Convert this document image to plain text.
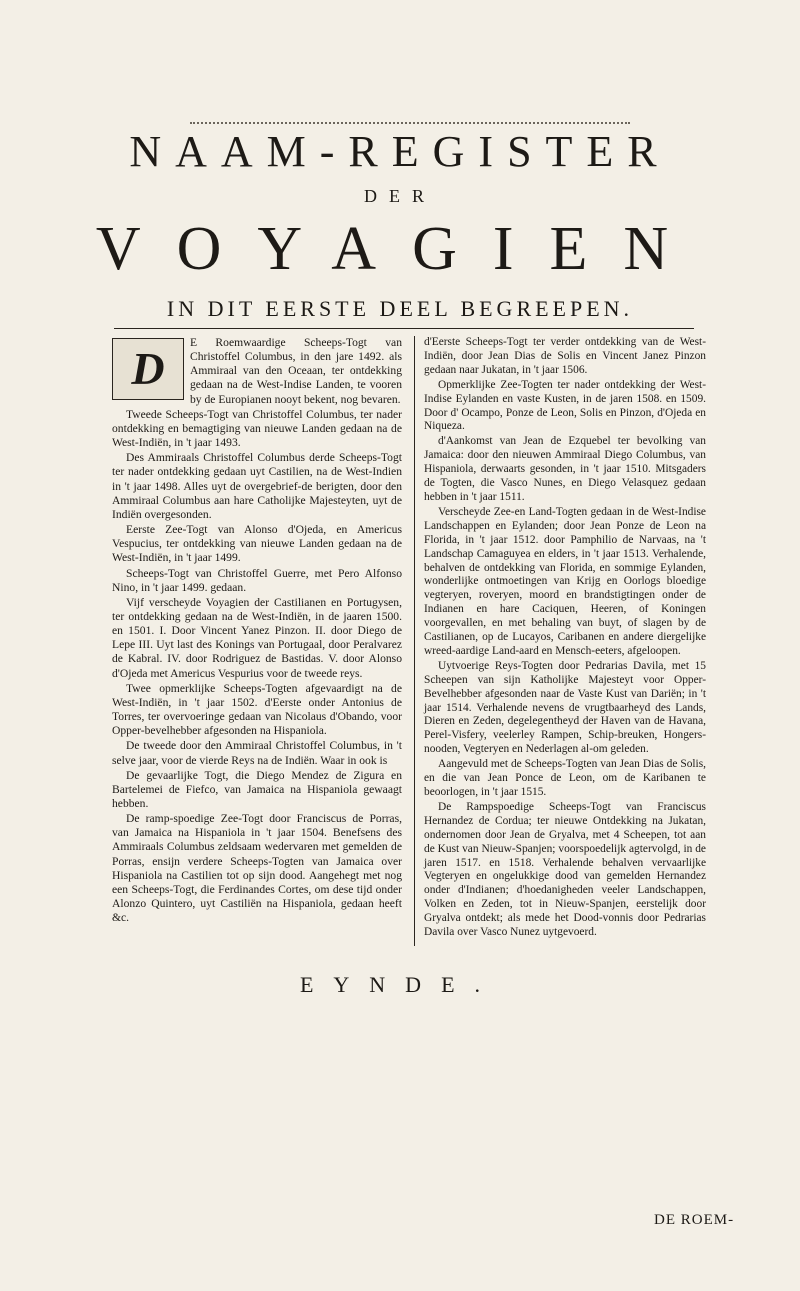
NAAM-REGISTER
DER
VOYAGIEN
IN DIT EERSTE DEEL BEGREEPEN.
D

E Roemwaardige Scheeps-Togt van Christoffel Columbus, in den jare 1492. als Ammiraal van den Oceaan, ter ontdekking gedaan na de West-Indise Landen, te vooren by de Europianen nooyt bekent, nog bevaren.

Tweede Scheeps-Togt van Christoffel Columbus, ter nader ontdekking en bemagtiging van nieuwe Landen gedaan na de West-Indiën, in 't jaar 1493.

Des Ammiraals Christoffel Columbus derde Scheeps-Togt ter nader ontdekking gedaan uyt Castilien, na de West-Indien in 't jaar 1498. Alles uyt de overgebrief-de berigten, door den Ammiraal Columbus aan hare Catholijke Majesteyten, uyt de Indiën overgesonden.

Eerste Zee-Togt van Alonso d'Ojeda, en Americus Vespucius, ter ontdekking van nieuwe Landen gedaan na de West-Indiën, in 't jaar 1499.

Scheeps-Togt van Christoffel Guerre, met Pero Alfonso Nino, in 't jaar 1499. gedaan.

Vijf verscheyde Voyagien der Castilianen en Portugysen, ter ontdekking gedaan na de West-Indiën, in de jaaren 1500. en 1501. I. Door Vincent Yanez Pinzon. II. door Diego de Lepe III. Uyt last des Konings van Portugaal, door Peralvarez de Kabral. IV. door Rodriguez de Bastidas. V. door Alonso d'Ojeda met Americus Vespurius voor de tweede reys.

Twee opmerklijke Scheeps-Togten afgevaardigt na de West-Indiën, in 't jaar 1502. d'Eerste onder Antonius de Torres, ter overvoeringe gedaan van Nicolaus d'Obando, voor Opper-bevelhebber afgesonden na Hispaniola.

De tweede door den Ammiraal Christoffel Columbus, in 't selve jaar, voor de vierde Reys na de Indiën. Waar in ook is

De gevaarlijke Togt, die Diego Mendez de Zigura en Bartelemei de Fiefco, van Jamaica na Hispaniola gewaagt hebben.

De ramp-spoedige Zee-Togt door Franciscus de Porras, van Jamaica na Hispaniola in 't jaar 1504. Benefsens des Ammiraals Columbus zeldsaam wedervaren met gemelden de Porras, ensijn verdere Scheeps-Togten van Jamaica over Hispaniola na Castilien tot op sijn dood. Aangehegt met nog een Scheeps-Togt, die Ferdinandes Cortes, om dese tijd onder Alonzo Quintero, uyt Castiliën na Hispaniola, gedaan heeft &c.

d'Eerste Scheeps-Togt ter verder ontdekking van de West-Indiën, door Jean Dias de Solis en Vincent Janez Pinzon gedaan naar Jukatan, in 't jaar 1506.

Opmerklijke Zee-Togten ter nader ontdekking der West-Indise Eylanden en vaste Kusten, in de jaren 1508. en 1509. Door d' Ocampo, Ponze de Leon, Solis en Pinzon, d'Ojeda en Niqueza.

d'Aankomst van Jean de Ezquebel ter bevolking van Jamaica: door den nieuwen Ammiraal Diego Columbus, van Hispaniola, derwaarts gesonden, in 't jaar 1510. Mitsgaders de Togten, die Vasco Nunes, en Diego Velasquez gedaan hebben in 't jaar 1511.

Verscheyde Zee-en Land-Togten gedaan in de West-Indise Landschappen en Eylanden; door Jean Ponze de Leon na Florida, in 't jaar 1512. door Pamphilio de Narvaas, na 't Landschap Camaguyea en elders, in 't jaar 1513. Verhalende, behalven de ontdekking van Florida, en sommige Eylanden, wonderlijke ontmoetingen van Krijg en Oorlogs bloedige vegteryen, roveryen, moord en brandstigtingen onder de Indianen en hare Caciquen, Heeren, of Koningen voorgevallen, en met behaling van buyt, of slagen by de Castilianen, op de Lucayos, Caribanen en andere diergelijke wreed-aardige Land-aard en Mensch-eeters, afgeloopen.

Uytvoerige Reys-Togten door Pedrarias Davila, met 15 Scheepen van sijn Katholijke Majesteyt voor Opper-Bevelhebber afgesonden naar de Vaste Kust van Dariën; in 't jaar 1514. Verhalende nevens de vrugtbaarheyd des Lands, Dieren en Zeden, degelegentheyd der Haven van de Havana, Perel-Visfery, veelerley Rampen, Schip-breuken, Hongers-nooden, Vegteryen en Nederlagen al-om geleden.

Aangevuld met de Scheeps-Togten van Jean Dias de Solis, en die van Jean Ponce de Leon, om de Karibanen te beoorlogen, in 't jaar 1515.

De Rampspoedige Scheeps-Togt van Franciscus Hernandez de Cordua; ter nieuwe Ontdekking na Jukatan, ondernomen door Jean de Gryalva, met 4 Scheepen, tot aan de Kust van Nieuw-Spanjen; voorspoedelijk agtervolgd, in de jaren 1517. en 1518. Verhalende behalven vervaarlijke Vegteryen en ongelukkige dood van gemelden Hernandez onder d'Indianen; d'hoedanigheden veeler Landschappen, Volken en Zeden, tot in Nieuw-Spanjen, eerstelijk door Gryalva ontdekt; als mede het Dood-vonnis door Pedrarias Davila over Vasco Nunez uytgevoerd.

EYNDE.
DE ROEM-
